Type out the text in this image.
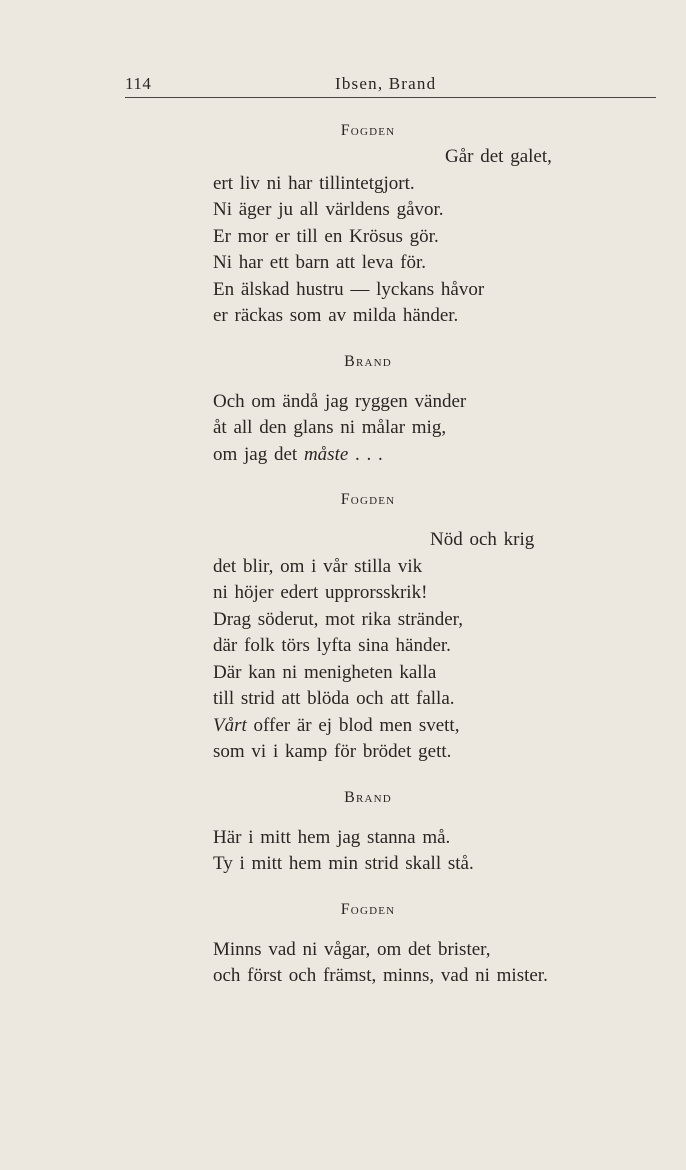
114	Ibsen, Brand
Fogden
Går det galet,
ert liv ni har tillintetgjort.
Ni äger ju all världens gåvor.
Er mor er till en Krösus gör.
Ni har ett barn att leva för.
En älskad hustru — lyckans håvor
er räckas som av milda händer.
Brand
Och om ändå jag ryggen vänder
åt all den glans ni målar mig,
om jag det måste . . .
Fogden
Nöd och krig
det blir, om i vår stilla vik
ni höjer edert upprorsskrik!
Drag söderut, mot rika stränder,
där folk törs lyfta sina händer.
Där kan ni menigheten kalla
till strid att blöda och att falla.
Vårt offer är ej blod men svett,
som vi i kamp för brödet gett.
Brand
Här i mitt hem jag stanna må.
Ty i mitt hem min strid skall stå.
Fogden
Minns vad ni vågar, om det brister,
och först och främst, minns, vad ni mister.
